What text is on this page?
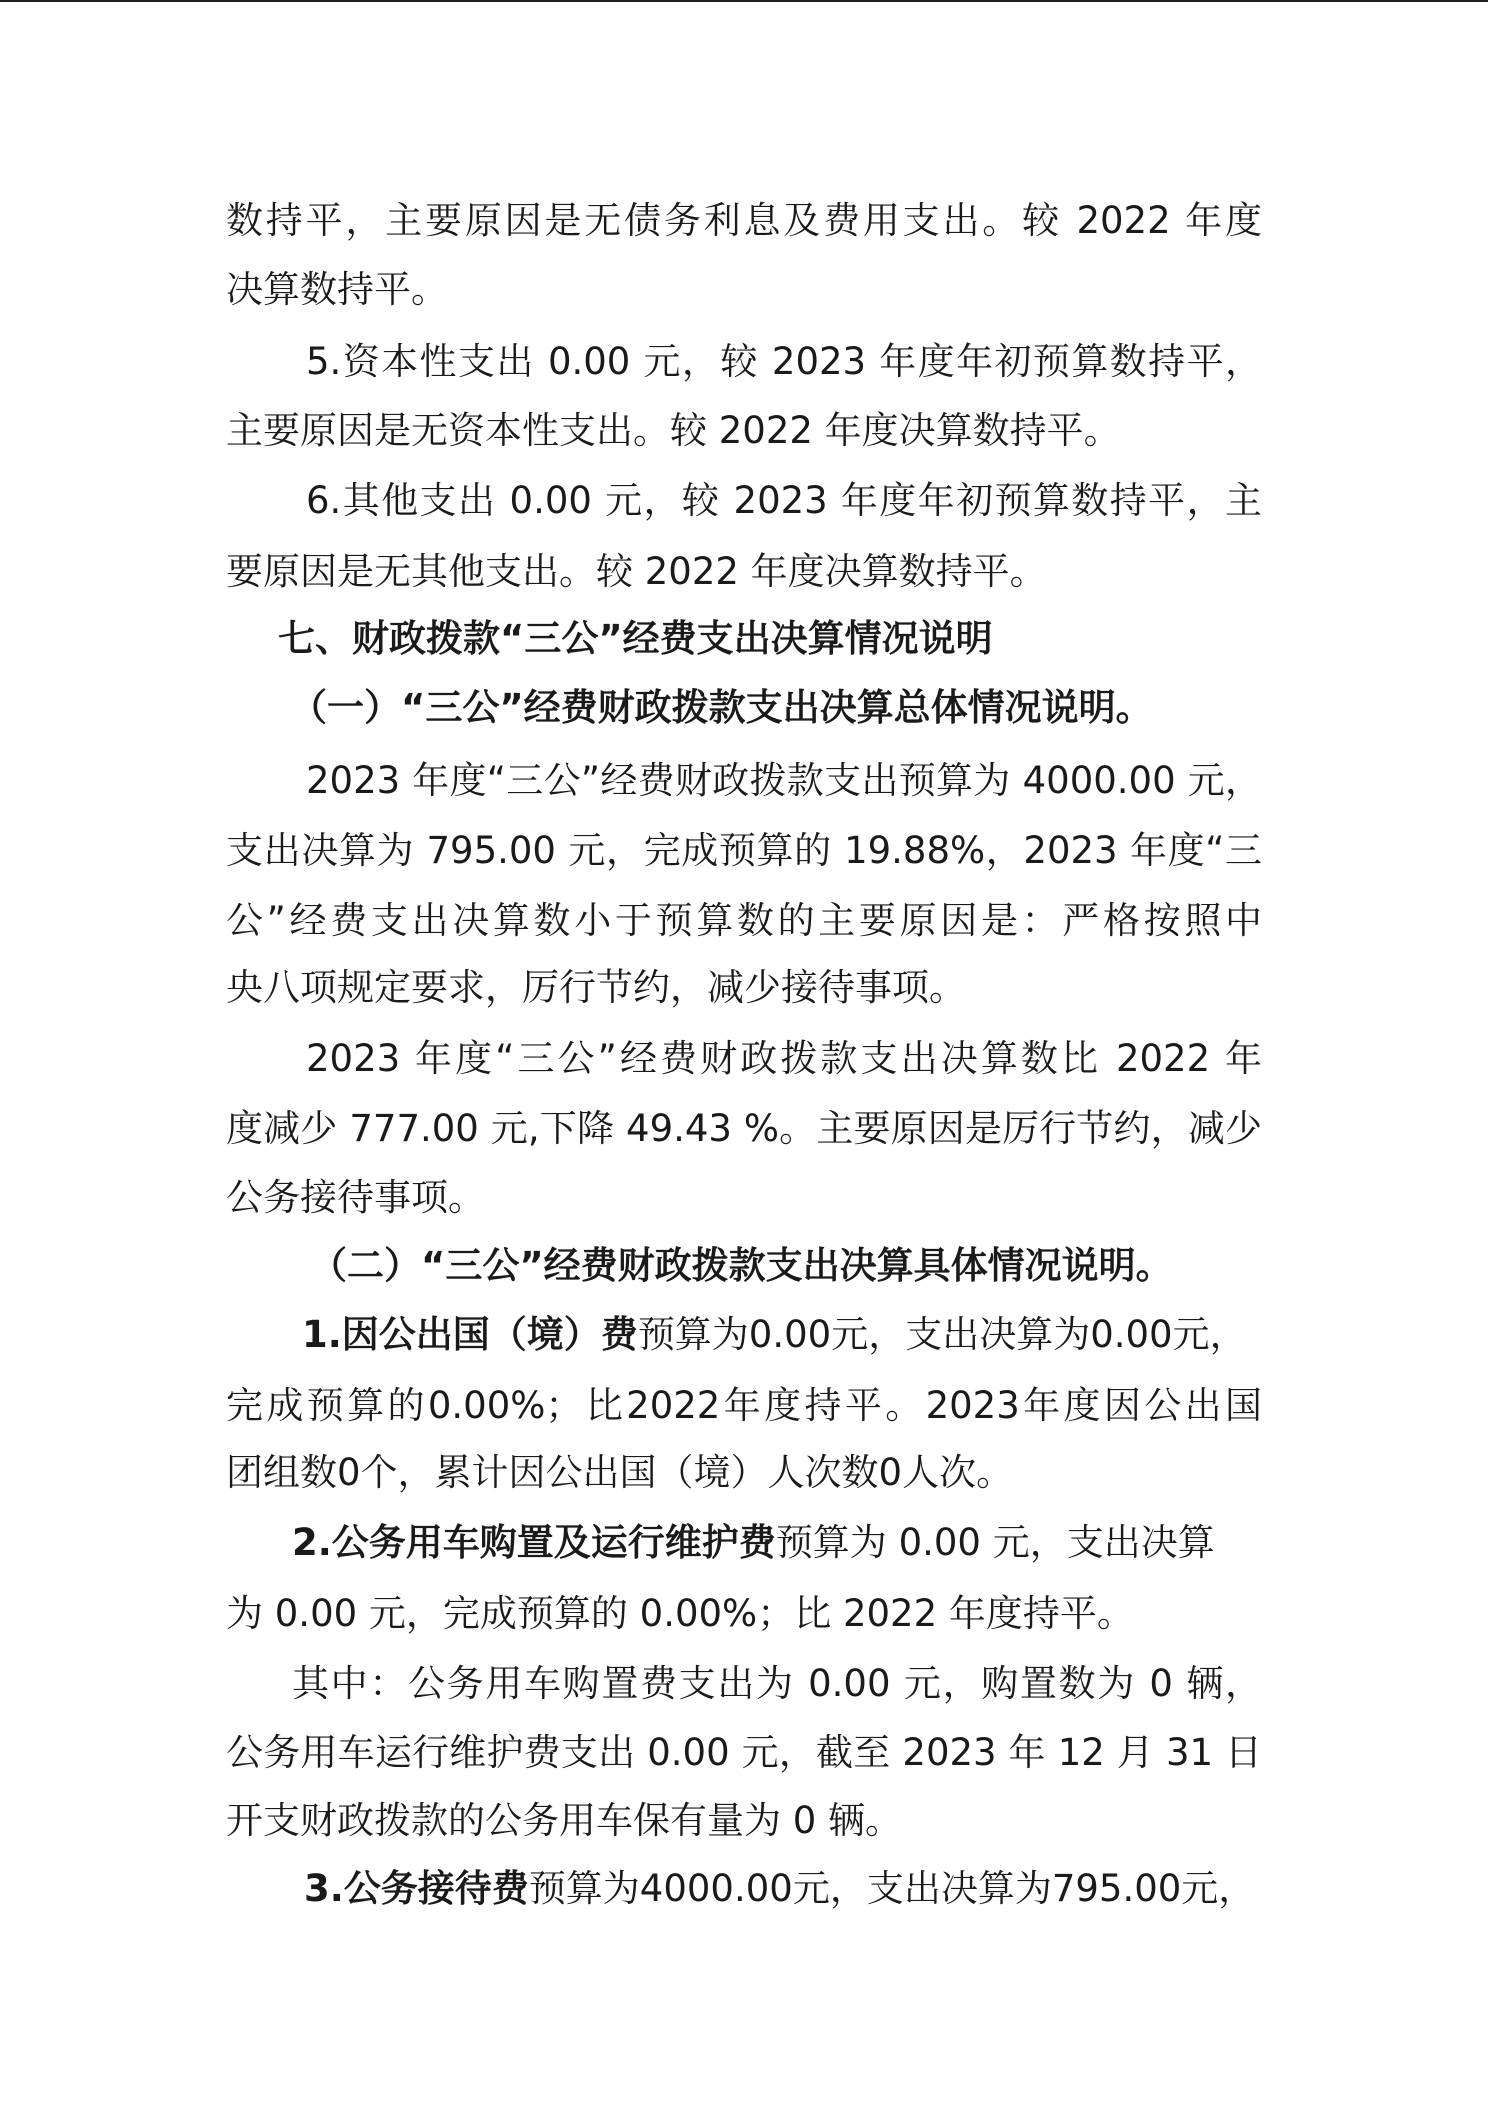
数持平，主要原因是无债务利息及费用支出。较 2022 年度
决算数持平。
5.资本性支出 0.00 元，较 2023 年度年初预算数持平，
主要原因是无资本性支出。较 2022 年度决算数持平。
6.其他支出 0.00 元，较 2023 年度年初预算数持平，主
要原因是无其他支出。较 2022 年度决算数持平。
七、财政拨款“三公”经费支出决算情况说明
（一）“三公”经费财政拨款支出决算总体情况说明。
2023 年度“三公”经费财政拨款支出预算为 4000.00 元，
支出决算为 795.00 元，完成预算的 19.88%，2023 年度“三
公”经费支出决算数小于预算数的主要原因是：严格按照中
央八项规定要求，厉行节约，减少接待事项。
2023 年度“三公”经费财政拨款支出决算数比 2022 年
度减少 777.00 元,下降 49.43 %。主要原因是厉行节约，减少
公务接待事项。
（二）“三公”经费财政拨款支出决算具体情况说明。
1.因公出国（境）费预算为0.00元，支出决算为0.00元，
完成预算的0.00%；比2022年度持平。2023年度因公出国
团组数0个，累计因公出国（境）人次数0人次。
2.公务用车购置及运行维护费预算为 0.00 元，支出决算
为 0.00 元，完成预算的 0.00%；比 2022 年度持平。
其中：公务用车购置费支出为 0.00 元，购置数为 0 辆，
公务用车运行维护费支出 0.00 元，截至 2023 年 12 月 31 日
开支财政拨款的公务用车保有量为 0 辆。
3.公务接待费预算为4000.00元，支出决算为795.00元，
